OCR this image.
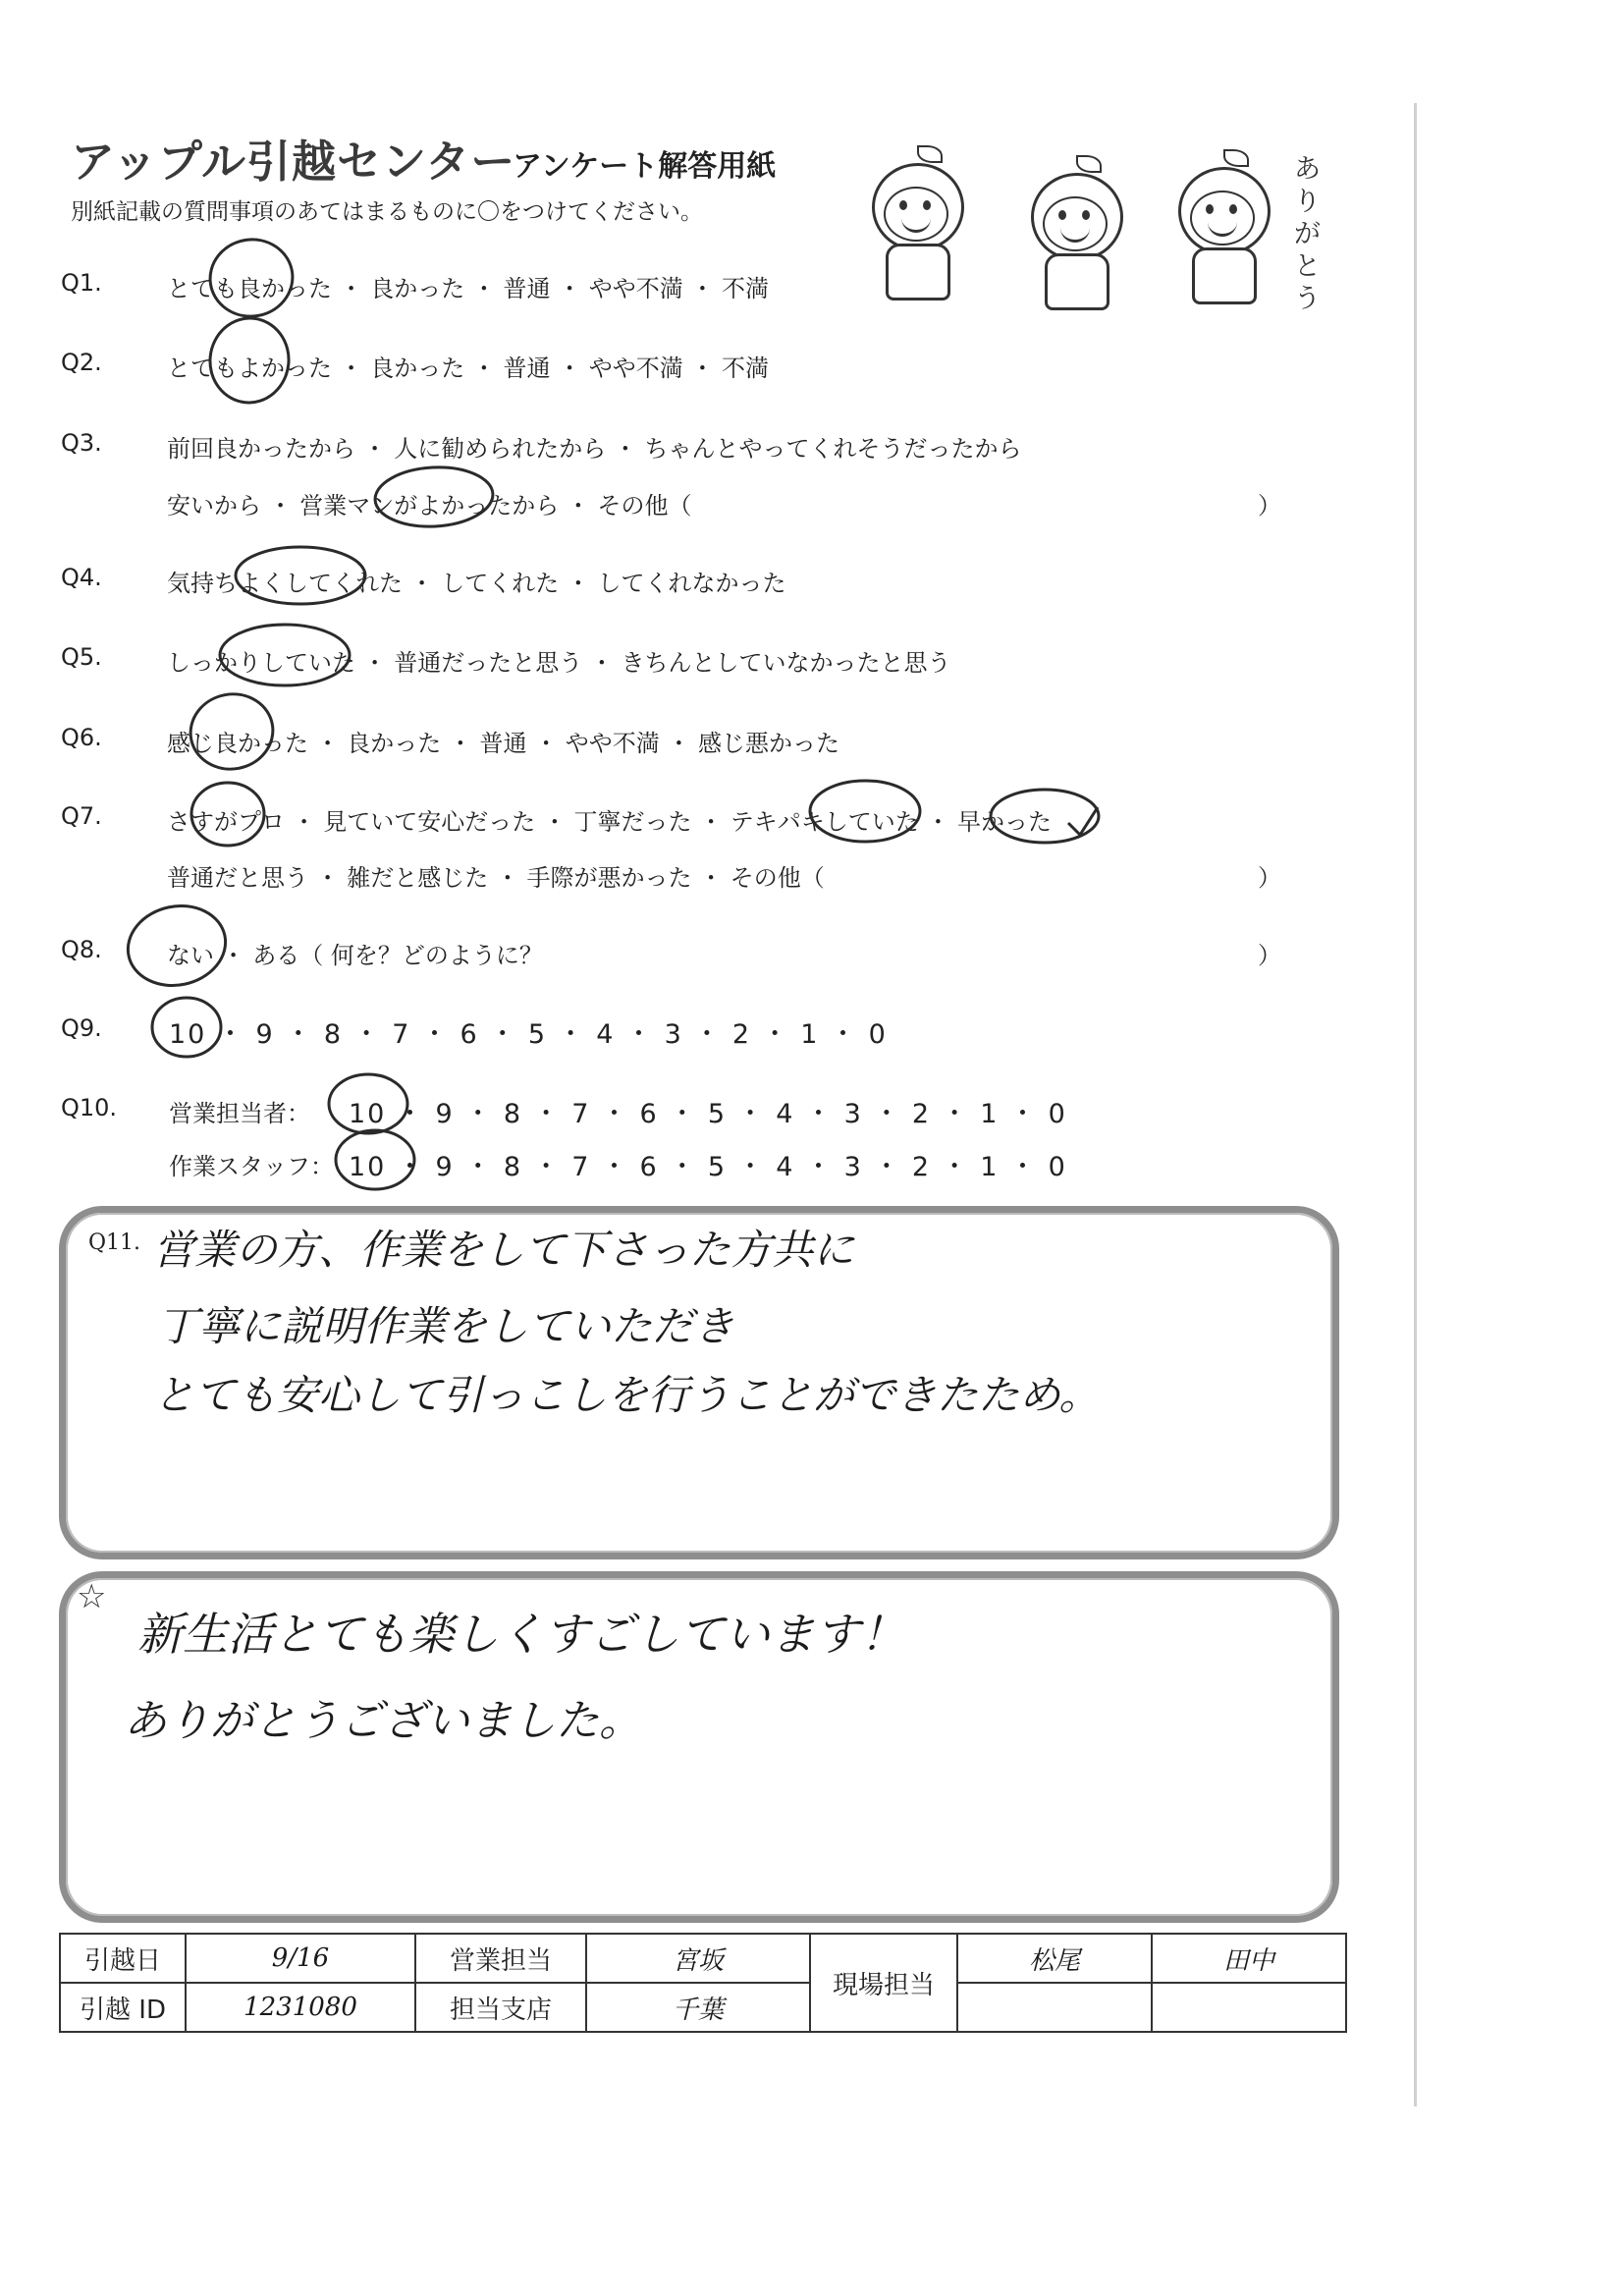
アップル引越センター
アンケート解答用紙
別紙記載の質問事項のあてはまるものに〇をつけてください。
ありがとう
Q1.	とても良かった ・ 良かった ・ 普通 ・ やや不満 ・ 不満
Q2.	とてもよかった ・ 良かった ・ 普通 ・ やや不満 ・ 不満
Q3.	前回良かったから ・ 人に勧められたから ・ ちゃんとやってくれそうだったから
安いから ・ 営業マンがよかったから ・ その他（	）
Q4.	気持ちよくしてくれた ・ してくれた ・ してくれなかった
Q5.	しっかりしていた ・ 普通だったと思う ・ きちんとしていなかったと思う
Q6.	感じ良かった ・ 良かった ・ 普通 ・ やや不満 ・ 感じ悪かった
Q7.	さすがプロ ・ 見ていて安心だった ・ 丁寧だった ・ テキパキしていた ・ 早かった
普通だと思う ・ 雑だと感じた ・ 手際が悪かった ・ その他（	）
Q8.	ない ・ ある（ 何を？どのように？	）
Q9.	10 ・ 9 ・ 8 ・ 7 ・ 6 ・ 5 ・ 4 ・ 3 ・ 2 ・ 1 ・ 0
Q10. 営業担当者： 10 ・ 9 ・ 8 ・ 7 ・ 6 ・ 5 ・ 4 ・ 3 ・ 2 ・ 1 ・ 0
作業スタッフ： 10 ・ 9 ・ 8 ・ 7 ・ 6 ・ 5 ・ 4 ・ 3 ・ 2 ・ 1 ・ 0
Q11. 営業の方、作業をして下さった方共に
丁寧に説明作業をしていただき
とても安心して引っこしを行うことができたため。
☆
新生活とても楽しくすごしています！
ありがとうございました。
引越日	9/16	営業担当	宮坂	現場担当	松尾	田中
引越 ID	1231080	担当支店	千葉			
